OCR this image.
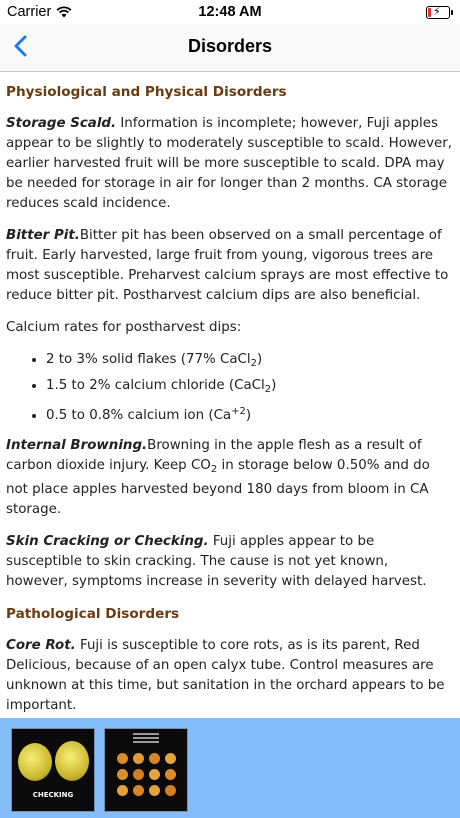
Carrier	12:48 AM	⚡
Disorders
Physiological and Physical Disorders

Storage Scald. Information is incomplete; however, Fuji apples appear to be slightly to moderately susceptible to scald. However, earlier harvested fruit will be more susceptible to scald. DPA may be needed for storage in air for longer than 2 months. CA storage reduces scald incidence.

Bitter Pit.Bitter pit has been observed on a small percentage of fruit. Early harvested, large fruit from young, vigorous trees are most susceptible. Preharvest calcium sprays are most effective to reduce bitter pit. Postharvest calcium dips are also beneficial.

Calcium rates for postharvest dips:

• 2 to 3% solid flakes (77% CaCl$_2$)
• 1.5 to 2% calcium chloride (CaCl$_2$)
• 0.5 to 0.8% calcium ion $(Ca^{+2})$

Internal Browning.Browning in the apple flesh as a result of carbon dioxide injury. Keep $CO_2$ in storage below 0.50% and do not place apples harvested beyond 180 days from bloom in CA storage.

Skin Cracking or Checking. Fuji apples appear to be susceptible to skin cracking. The cause is not yet known, however, symptoms increase in severity with delayed harvest.

Pathological Disorders

Core Rot. Fuji is susceptible to core rots, as is its parent, Red Delicious, because of an open calyx tube. Control measures are unknown at this time, but sanitation in the orchard appears to be important.

•
CHECKING
